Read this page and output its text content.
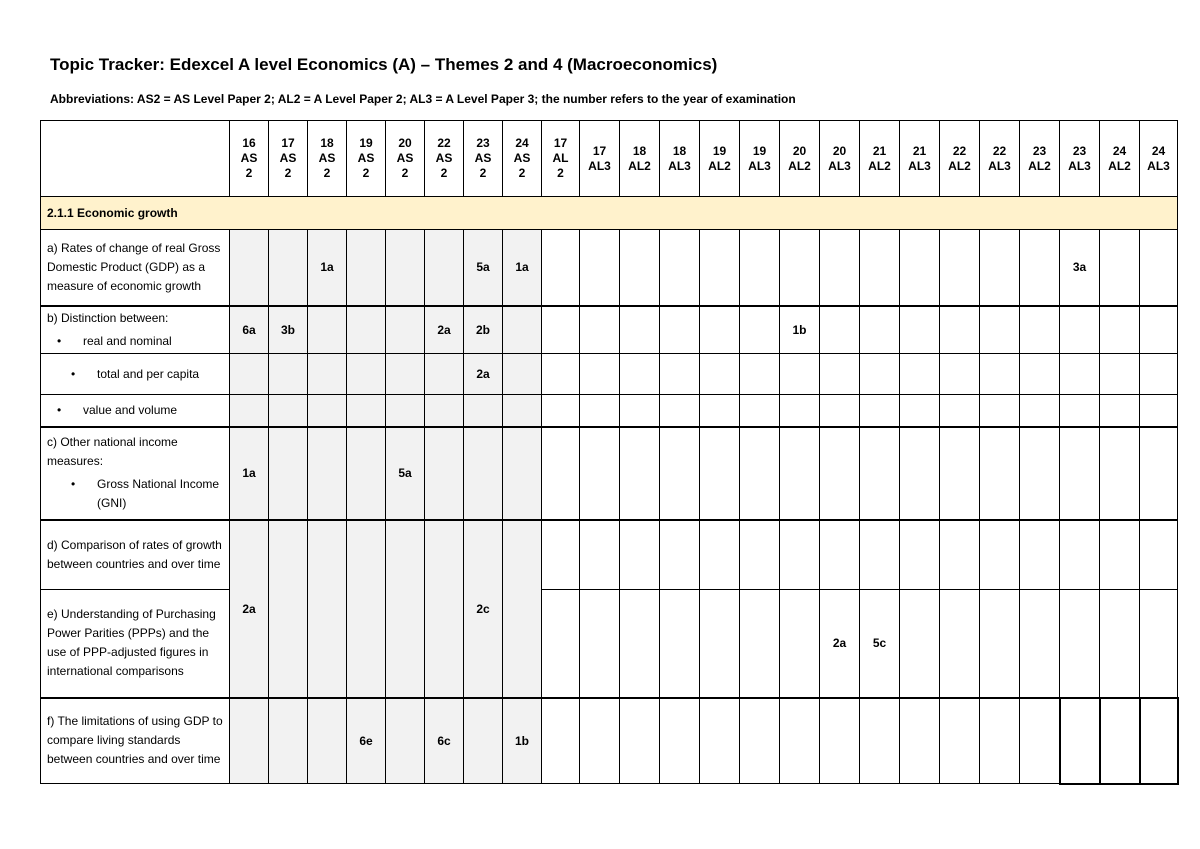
Topic Tracker: Edexcel A level Economics (A) – Themes 2 and 4 (Macroeconomics)
Abbreviations: AS2 = AS Level Paper 2; AL2 = A Level Paper 2; AL3 = A Level Paper 3; the number refers to the year of examination

	16
AS
2	17
AS
2	18
AS
2	19
AS
2	20
AS
2	22
AS
2	23
AS
2	24
AS
2	17
AL
2	17
AL3	18
AL2	18
AL3	19
AL2	19
AL3	20
AL2	20
AL3	21
AL2	21
AL3	22
AL2	22
AL3	23
AL2	23
AL3	24
AL2	24
AL3

2.1.1 Economic growth																								
a) Rates of change of real Gross Domestic Product (GDP) as a measure of economic growth			1a				5a	1a														3a		

b) Distinction between:
• real and nominal	6a	3b				2a	2b								1b									

• total and per capita							2a																	

• value and volume

c) Other national income measures:
• Gross National Income (GNI)	1a				5a																			
d) Comparison of rates of growth between countries and over time	2a						2c																	
e) Understanding of Purchasing Power Parities (PPPs) and the use of PPP-adjusted figures in international comparisons																2a	5c							
f) The limitations of using GDP to compare living standards between countries and over time				6e		6c		1b																
